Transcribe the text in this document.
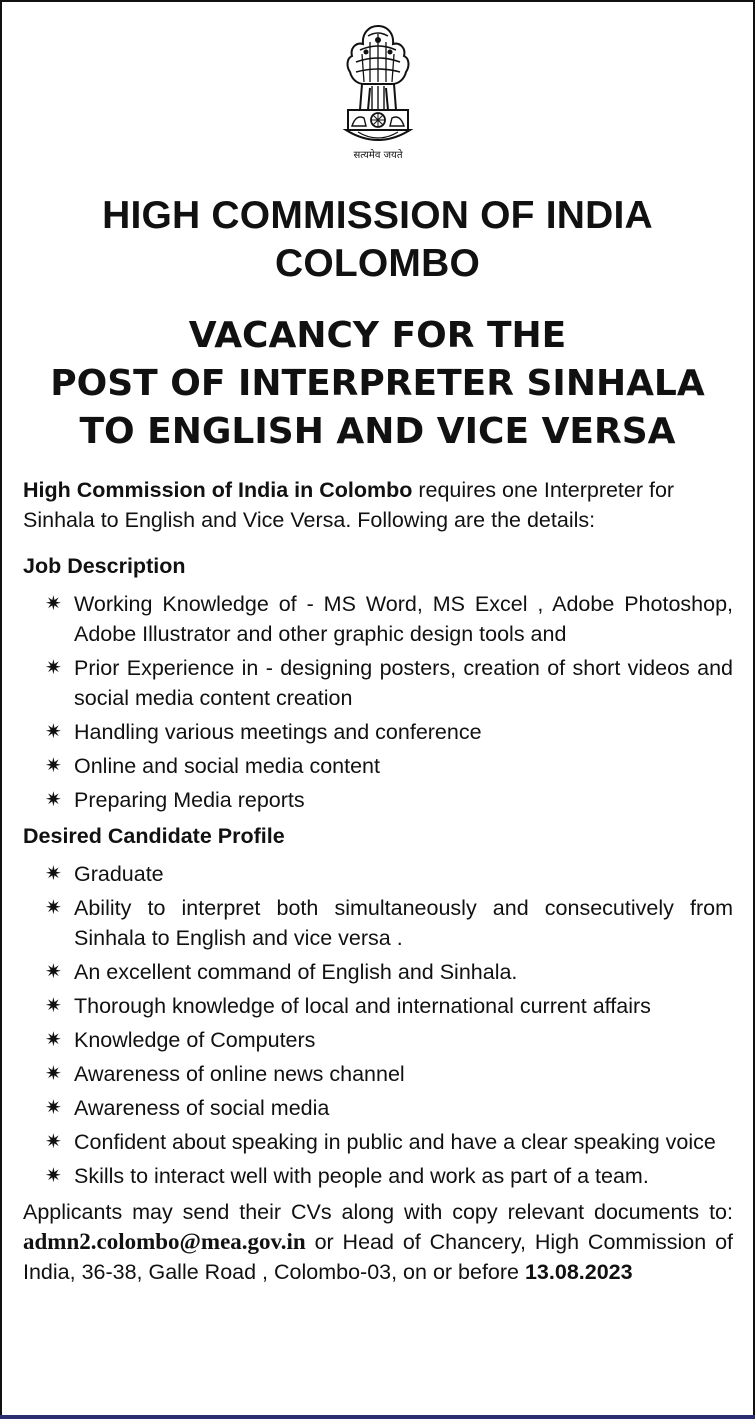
सत्यमेव जयते
HIGH COMMISSION OF INDIA
COLOMBO
VACANCY FOR THE
POST OF INTERPRETER SINHALA
TO ENGLISH AND VICE VERSA

High Commission of India in Colombo requires one Interpreter for Sinhala to English and Vice Versa. Following are the details:

Job Description
✷ Working Knowledge of - MS Word, MS Excel , Adobe Photoshop, Adobe Illustrator and other graphic design tools and
✷ Prior Experience in - designing posters, creation of short videos and social media content creation
✷ Handling various meetings and conference
✷ Online and social media content
✷ Preparing Media reports
Desired Candidate Profile
✷ Graduate
✷ Ability to interpret both simultaneously and consecutively from Sinhala to English and vice versa .
✷ An excellent command of English and Sinhala.
✷ Thorough knowledge of local and international current affairs
✷ Knowledge of Computers
✷ Awareness of online news channel
✷ Awareness of social media
✷ Confident about speaking in public and have a clear speaking voice
✷ Skills to interact well with people and work as part of a team.

Applicants may send their CVs along with copy relevant documents to: admn2.colombo@mea.gov.in or Head of Chancery, High Commission of India, 36-38, Galle Road , Colombo-03, on or before 13.08.2023
